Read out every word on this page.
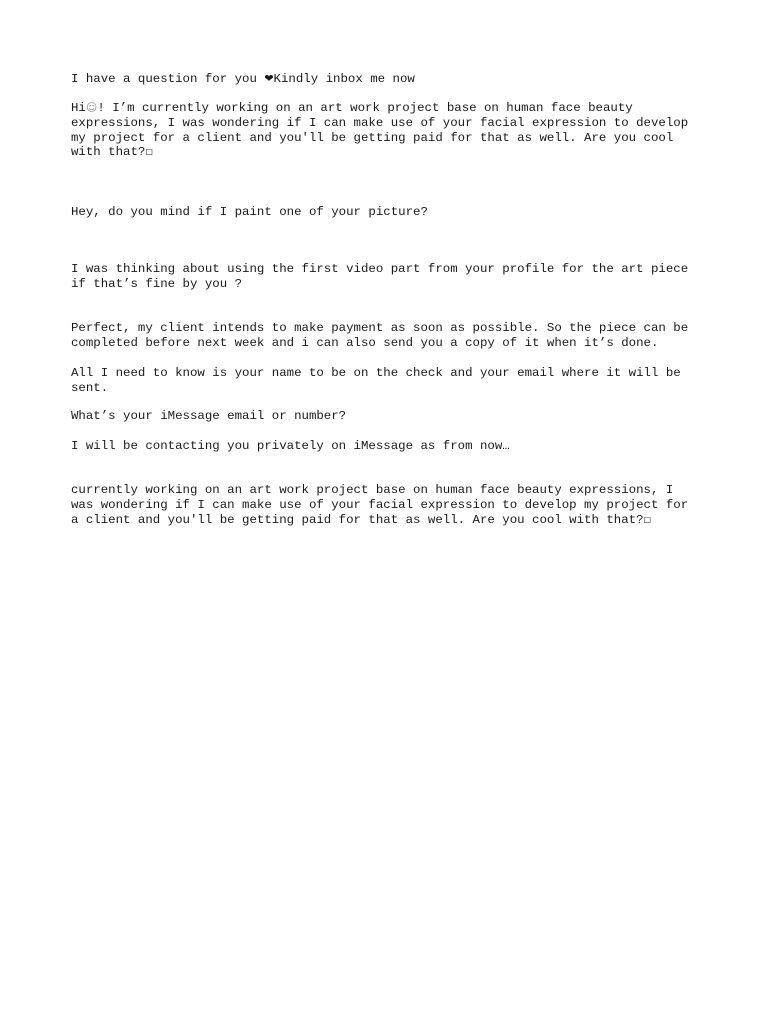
I have a question for you ❤Kindly inbox me now

Hi☺! I’m currently working on an art work project base on human face beauty
expressions, I was wondering if I can make use of your facial expression to develop
my project for a client and you'll be getting paid for that as well. Are you cool
with that?□

Hey, do you mind if I paint one of your picture?

I was thinking about using the first video part from your profile for the art piece
if that’s fine by you ?

Perfect, my client intends to make payment as soon as possible. So the piece can be
completed before next week and i can also send you a copy of it when it’s done.

All I need to know is your name to be on the check and your email where it will be
sent.

What’s your iMessage email or number?

I will be contacting you privately on iMessage as from now…

currently working on an art work project base on human face beauty expressions, I
was wondering if I can make use of your facial expression to develop my project for
a client and you'll be getting paid for that as well. Are you cool with that?□
